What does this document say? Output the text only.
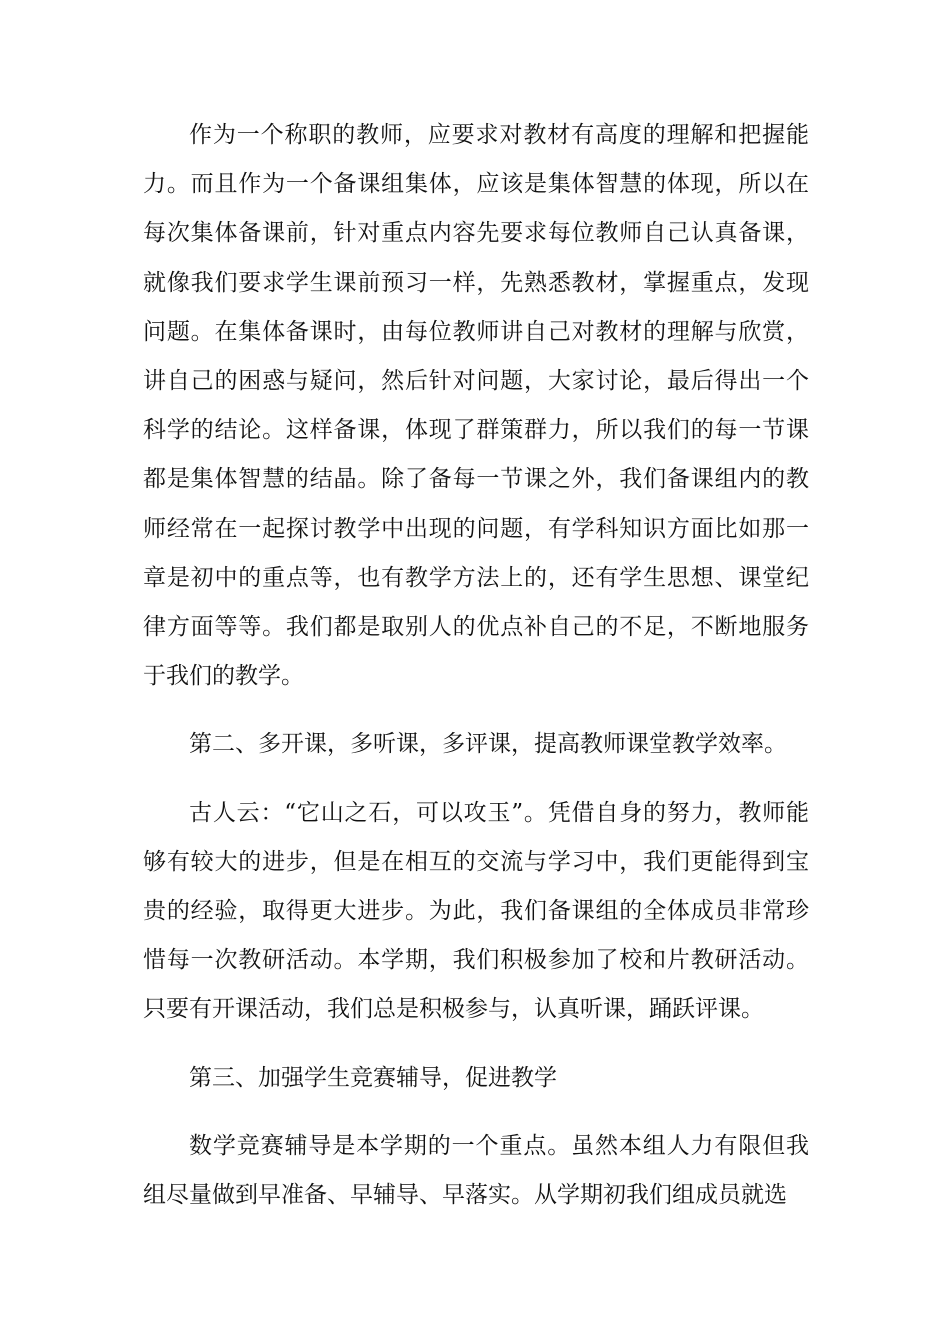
作为一个称职的教师，应要求对教材有高度的理解和把握能力。而且作为一个备课组集体，应该是集体智慧的体现，所以在每次集体备课前，针对重点内容先要求每位教师自己认真备课，就像我们要求学生课前预习一样，先熟悉教材，掌握重点，发现问题。在集体备课时，由每位教师讲自己对教材的理解与欣赏，讲自己的困惑与疑问，然后针对问题，大家讨论，最后得出一个科学的结论。这样备课，体现了群策群力，所以我们的每一节课都是集体智慧的结晶。除了备每一节课之外，我们备课组内的教师经常在一起探讨教学中出现的问题，有学科知识方面比如那一章是初中的重点等，也有教学方法上的，还有学生思想、课堂纪律方面等等。我们都是取别人的优点补自己的不足，不断地服务于我们的教学。

第二、多开课，多听课，多评课，提高教师课堂教学效率。

古人云：“它山之石，可以攻玉”。凭借自身的努力，教师能够有较大的进步，但是在相互的交流与学习中，我们更能得到宝贵的经验，取得更大进步。为此，我们备课组的全体成员非常珍惜每一次教研活动。本学期，我们积极参加了校和片教研活动。只要有开课活动，我们总是积极参与，认真听课，踊跃评课。

第三、加强学生竞赛辅导，促进教学

数学竞赛辅导是本学期的一个重点。虽然本组人力有限但我组尽量做到早准备、早辅导、早落实。从学期初我们组成员就选
